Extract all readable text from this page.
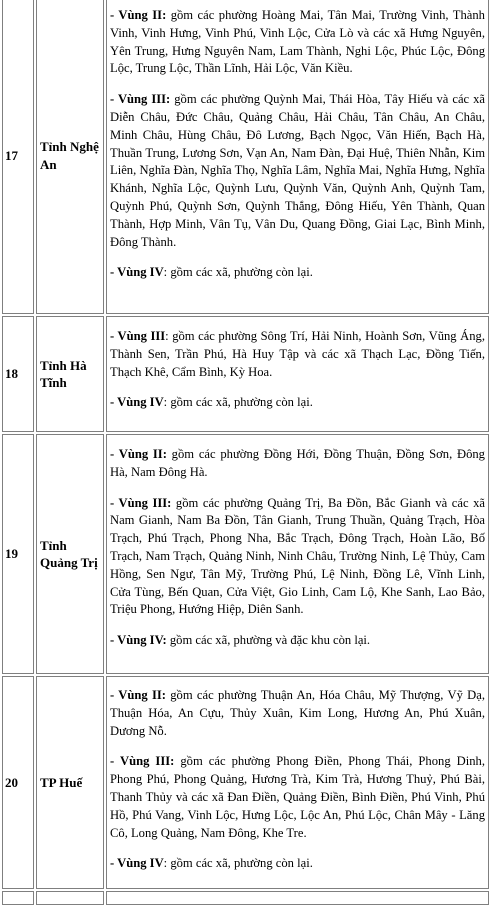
17	Tỉnh Nghệ An	- Vùng II: gồm các phường Hoàng Mai, Tân Mai, Trường Vinh, Thành Vinh, Vinh Hưng, Vinh Phú, Vinh Lộc, Cửa Lò và các xã Hưng Nguyên, Yên Trung, Hưng Nguyên Nam, Lam Thành, Nghi Lộc, Phúc Lộc, Đông Lộc, Trung Lộc, Thần Lĩnh, Hải Lộc, Văn Kiều.

- Vùng III: gồm các phường Quỳnh Mai, Thái Hòa, Tây Hiếu và các xã Diễn Châu, Đức Châu, Quảng Châu, Hải Châu, Tân Châu, An Châu, Minh Châu, Hùng Châu, Đô Lương, Bạch Ngọc, Văn Hiến, Bạch Hà, Thuần Trung, Lương Sơn, Vạn An, Nam Đàn, Đại Huệ, Thiên Nhẫn, Kim Liên, Nghĩa Đàn, Nghĩa Thọ, Nghĩa Lâm, Nghĩa Mai, Nghĩa Hưng, Nghĩa Khánh, Nghĩa Lộc, Quỳnh Lưu, Quỳnh Văn, Quỳnh Anh, Quỳnh Tam, Quỳnh Phú, Quỳnh Sơn, Quỳnh Thắng, Đông Hiếu, Yên Thành, Quan Thành, Hợp Minh, Vân Tụ, Vân Du, Quang Đồng, Giai Lạc, Bình Minh, Đông Thành.

- Vùng IV: gồm các xã, phường còn lại.

18	Tỉnh Hà Tĩnh	- Vùng III: gồm các phường Sông Trí, Hải Ninh, Hoành Sơn, Vũng Áng, Thành Sen, Trần Phú, Hà Huy Tập và các xã Thạch Lạc, Đồng Tiến, Thạch Khê, Cẩm Bình, Kỳ Hoa.

- Vùng IV: gồm các xã, phường còn lại.

19	Tỉnh Quảng Trị	- Vùng II: gồm các phường Đồng Hới, Đồng Thuận, Đồng Sơn, Đông Hà, Nam Đông Hà.

- Vùng III: gồm các phường Quảng Trị, Ba Đồn, Bắc Gianh và các xã Nam Gianh, Nam Ba Đồn, Tân Gianh, Trung Thuần, Quảng Trạch, Hòa Trạch, Phú Trạch, Phong Nha, Bắc Trạch, Đông Trạch, Hoàn Lão, Bố Trạch, Nam Trạch, Quảng Ninh, Ninh Châu, Trường Ninh, Lệ Thủy, Cam Hồng, Sen Ngư, Tân Mỹ, Trường Phú, Lệ Ninh, Đồng Lê, Vĩnh Linh, Cửa Tùng, Bến Quan, Cửa Việt, Gio Linh, Cam Lộ, Khe Sanh, Lao Bảo, Triệu Phong, Hướng Hiệp, Diên Sanh.

- Vùng IV: gồm các xã, phường và đặc khu còn lại.

20	TP Huế	- Vùng II: gồm các phường Thuận An, Hóa Châu, Mỹ Thượng, Vỹ Dạ, Thuận Hóa, An Cựu, Thủy Xuân, Kim Long, Hương An, Phú Xuân, Dương Nỗ.

- Vùng III: gồm các phường Phong Điền, Phong Thái, Phong Dinh, Phong Phú, Phong Quảng, Hương Trà, Kim Trà, Hương Thuỷ, Phú Bài, Thanh Thủy và các xã Đan Điền, Quảng Điền, Bình Điền, Phú Vinh, Phú Hồ, Phú Vang, Vinh Lộc, Hưng Lộc, Lộc An, Phú Lộc, Chân Mây - Lăng Cô, Long Quảng, Nam Đông, Khe Tre.

- Vùng IV: gồm các xã, phường còn lại.
